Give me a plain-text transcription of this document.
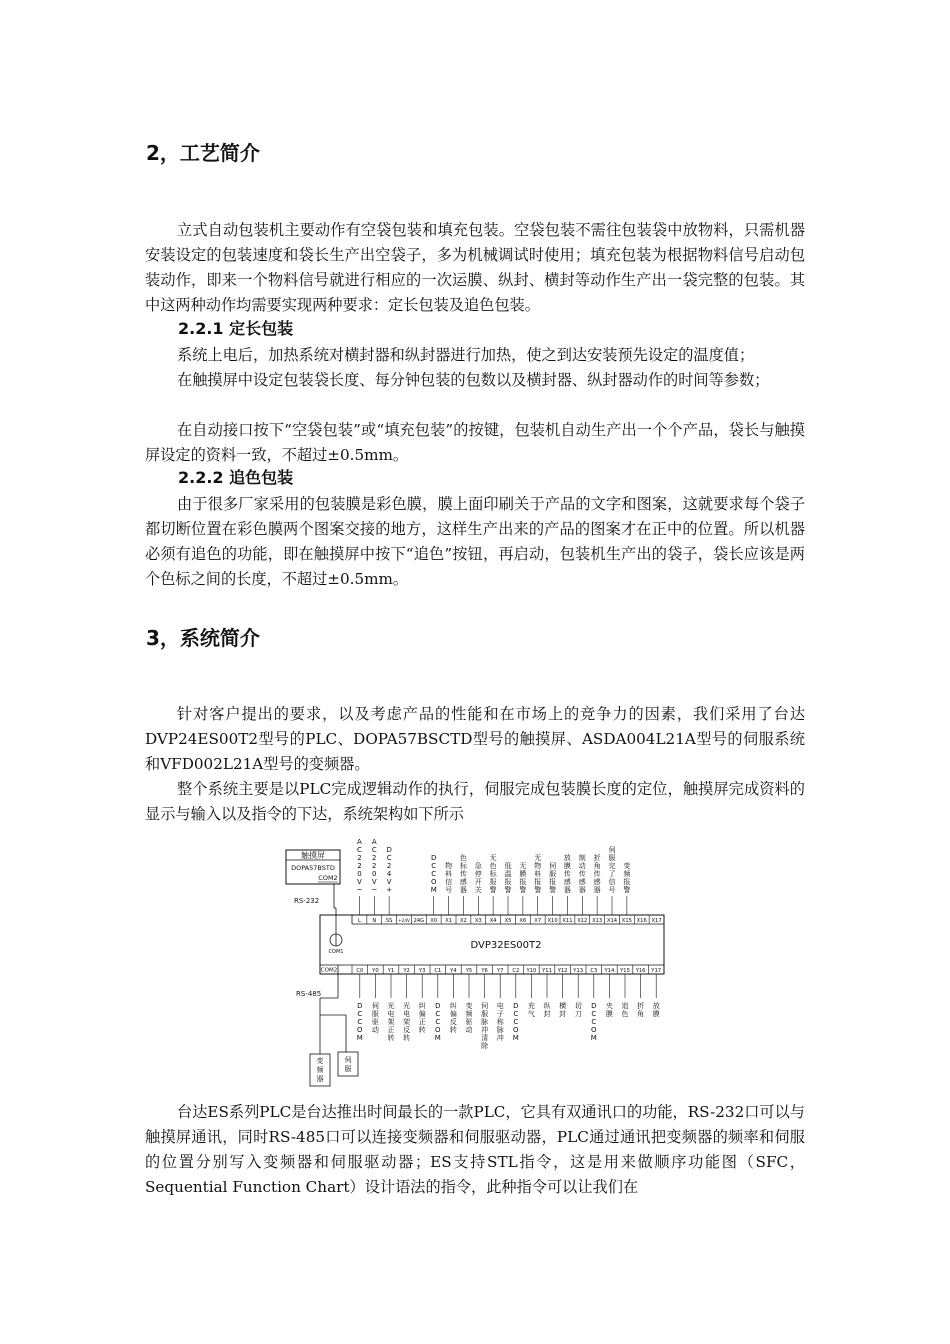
2，工艺简介

立式自动包装机主要动作有空袋包装和填充包装。空袋包装不需往包装袋中放物料，只需机器安装设定的包装速度和袋长生产出空袋子，多为机械调试时使用；填充包装为根据物料信号启动包装动作，即来一个物料信号就进行相应的一次运膜、纵封、横封等动作生产出一袋完整的包装。其中这两种动作均需要实现两种要求：定长包装及追色包装。

2.2.1 定长包装

系统上电后，加热系统对横封器和纵封器进行加热，使之到达安装预先设定的温度值；

在触摸屏中设定包装袋长度、每分钟包装的包数以及横封器、纵封器动作的时间等参数；

在自动接口按下“空袋包装”或“填充包装”的按键，包装机自动生产出一个个产品，袋长与触摸屏设定的资料一致，不超过±0.5mm。

2.2.2 追色包装

由于很多厂家采用的包装膜是彩色膜，膜上面印刷关于产品的文字和图案，这就要求每个袋子都切断位置在彩色膜两个图案交接的地方，这样生产出来的产品的图案才在正中的位置。所以机器必须有追色的功能，即在触摸屏中按下“追色”按钮，再启动，包装机生产出的袋子，袋长应该是两个色标之间的长度，不超过±0.5mm。

3，系统简介

针对客户提出的要求，以及考虑产品的性能和在市场上的竞争力的因素，我们采用了台达DVP24ES00T2型号的PLC、DOPA57BSCTD型号的触摸屏、ASDA004L21A型号的伺服系统和VFD002L21A型号的变频器。

整个系统主要是以PLC完成逻辑动作的执行，伺服完成包装膜长度的定位，触摸屏完成资料的显示与输入以及指令的下达，系统架构如下所示

触摸屏
DOPA57BSTD
COM2
RS-232
DVP32ES00T2
COM1
COM2
L N SS +24V 24G X0 X1 X2 X3 X4 X5 X6 X7 X10 X11 X12 X13 X14 X15 X16 X17
A C 2 2 0 V ~
A C 2 2 0 V ~
D C 2 4 V +
D C C O M
物料信号
色标传感器
急停开关
无色标报警
低温报警
无膜报警
无物料报警
伺服报警
放膜传感器
制动传感器
折角传感器
伺服完了信号
变频报警
C0 Y0 Y1 Y2 Y3 C1 Y4 Y5 Y6 Y7 C2 Y10 Y11 Y12 Y13 C3 Y14 Y15 Y16 Y17
D C C O M
伺服驱动
光电架正转
光电架反转
纠偏正转
D C C O M
纠偏反转
变频驱动
伺服脉冲清除
电子称脉冲
D C C O M
充气
纵封
横封
切刀
D C C O M
夹膜
追色
折角
放膜
RS-485
变频器
伺服

台达ES系列PLC是台达推出时间最长的一款PLC，它具有双通讯口的功能，RS-232口可以与触摸屏通讯，同时RS-485口可以连接变频器和伺服驱动器，PLC通过通讯把变频器的频率和伺服的位置分别写入变频器和伺服驱动器；ES支持STL指令，这是用来做顺序功能图（SFC，Sequential Function Chart）设计语法的指令，此种指令可以让我们在
